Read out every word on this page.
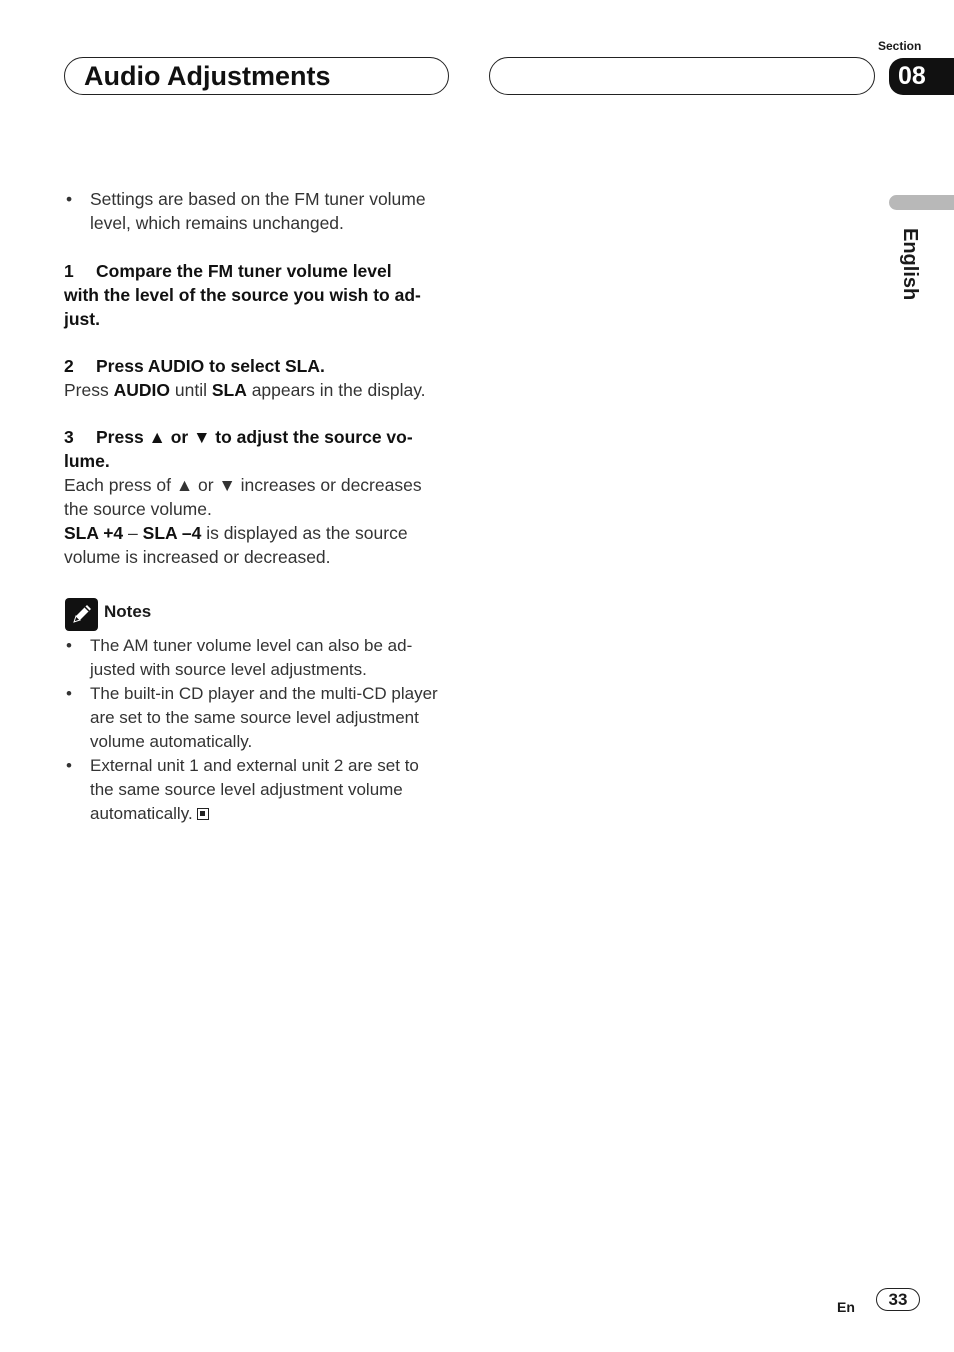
Audio Adjustments
Section
08
English

• Settings are based on the FM tuner volume level, which remains unchanged.

1 Compare the FM tuner volume level

with the level of the source you wish to ad-

just.

2 Press AUDIO to select SLA.

Press AUDIO until SLA appears in the display.

3 Press ▲ or ▼ to adjust the source vo-

lume.

Each press of ▲ or ▼ increases or decreases the source volume.

SLA +4 – SLA –4 is displayed as the source volume is increased or decreased.

Notes

• The AM tuner volume level can also be ad- justed with source level adjustments.

• The built-in CD player and the multi-CD player are set to the same source level adjustment volume automatically.

• External unit 1 and external unit 2 are set to the same source level adjustment volume automatically.

En	33
